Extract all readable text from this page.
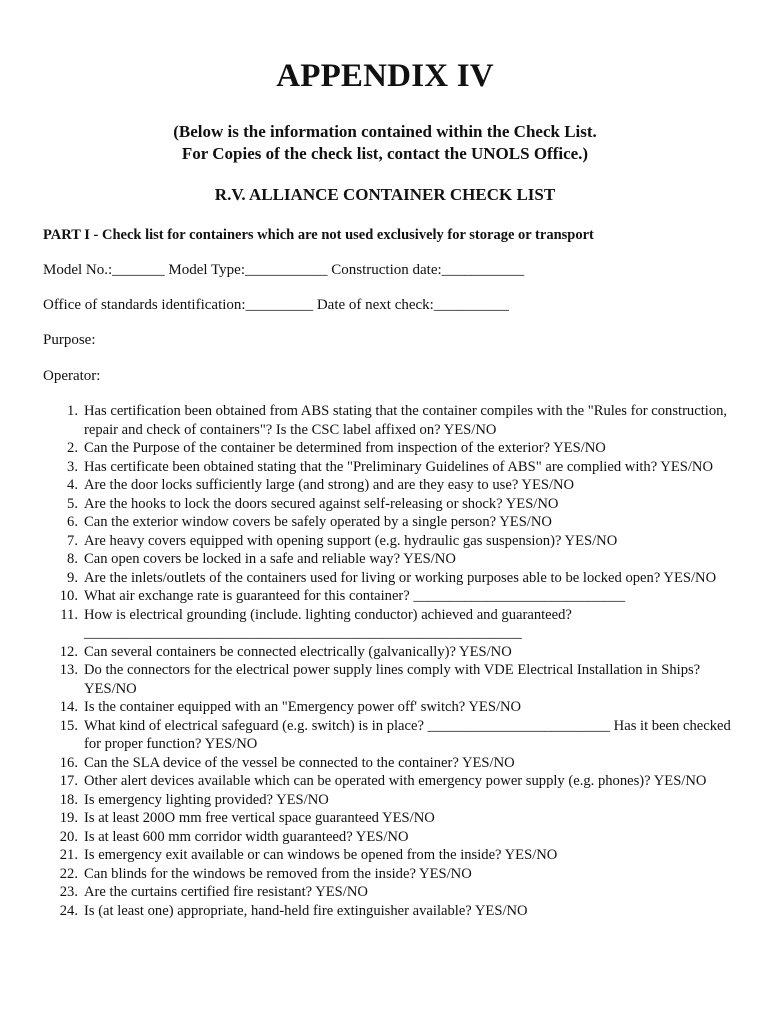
APPENDIX IV
(Below is the information contained within the Check List.
For Copies of the check list, contact the UNOLS Office.)
R.V. ALLIANCE CONTAINER CHECK LIST
PART I - Check list for containers which are not used exclusively for storage or transport
Model No.:_______ Model Type:___________ Construction date:___________
Office of standards identification:_________ Date of next check:__________
Purpose:
Operator:
1. Has certification been obtained from ABS stating that the container compiles with the "Rules for construction, repair and check of containers"? Is the CSC label affixed on? YES/NO
2. Can the Purpose of the container be determined from inspection of the exterior? YES/NO
3. Has certificate been obtained stating that the "Preliminary Guidelines of ABS" are complied with? YES/NO
4. Are the door locks sufficiently large (and strong) and are they easy to use? YES/NO
5. Are the hooks to lock the doors secured against self-releasing or shock? YES/NO
6. Can the exterior window covers be safely operated by a single person? YES/NO
7. Are heavy covers equipped with opening support (e.g. hydraulic gas suspension)? YES/NO
8. Can open covers be locked in a safe and reliable way? YES/NO
9. Are the inlets/outlets of the containers used for living or working purposes able to be locked open? YES/NO
10. What air exchange rate is guaranteed for this container? _____________________________
11. How is electrical grounding (include. lighting conductor) achieved and guaranteed? ____________________________________________________________
12. Can several containers be connected electrically (galvanically)? YES/NO
13. Do the connectors for the electrical power supply lines comply with VDE Electrical Installation in Ships? YES/NO
14. Is the container equipped with an "Emergency power off' switch? YES/NO
15. What kind of electrical safeguard (e.g. switch) is in place? _________________________ Has it been checked for proper function? YES/NO
16. Can the SLA device of the vessel be connected to the container? YES/NO
17. Other alert devices available which can be operated with emergency power supply (e.g. phones)? YES/NO
18. Is emergency lighting provided? YES/NO
19. Is at least 200O mm free vertical space guaranteed YES/NO
20. Is at least 600 mm corridor width guaranteed? YES/NO
21. Is emergency exit available or can windows be opened from the inside? YES/NO
22. Can blinds for the windows be removed from the inside? YES/NO
23. Are the curtains certified fire resistant? YES/NO
24. Is (at least one) appropriate, hand-held fire extinguisher available? YES/NO
